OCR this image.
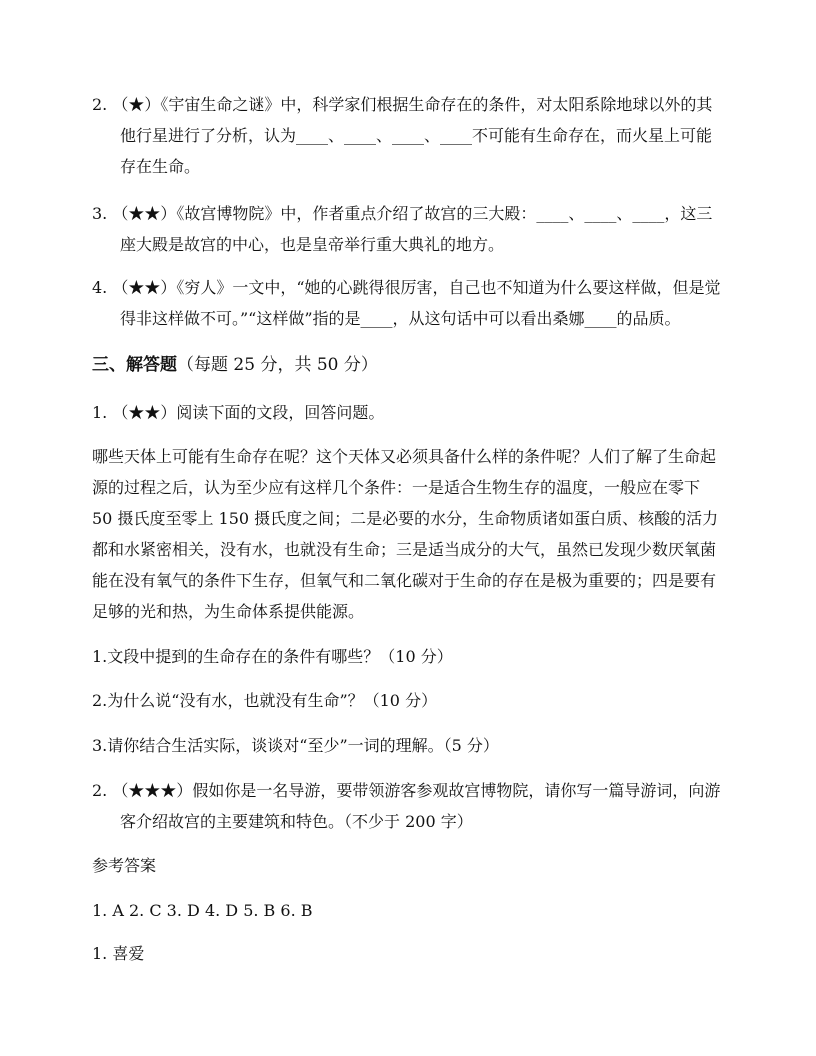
2. （★）《宇宙生命之谜》中，科学家们根据生命存在的条件，对太阳系除地球以外的其他行星进行了分析，认为____、____、____、____不可能有生命存在，而火星上可能存在生命。
3. （★★）《故宫博物院》中，作者重点介绍了故宫的三大殿：____、____、____，这三座大殿是故宫的中心，也是皇帝举行重大典礼的地方。
4. （★★）《穷人》一文中，“她的心跳得很厉害，自己也不知道为什么要这样做，但是觉得非这样做不可。”“这样做”指的是____，从这句话中可以看出桑娜____的品质。
三、解答题（每题 25 分，共 50 分）
1. （★★）阅读下面的文段，回答问题。
哪些天体上可能有生命存在呢？这个天体又必须具备什么样的条件呢？人们了解了生命起源的过程之后，认为至少应有这样几个条件：一是适合生物生存的温度，一般应在零下 50 摄氏度至零上 150 摄氏度之间；二是必要的水分，生命物质诸如蛋白质、核酸的活力都和水紧密相关，没有水，也就没有生命；三是适当成分的大气，虽然已发现少数厌氧菌能在没有氧气的条件下生存，但氧气和二氧化碳对于生命的存在是极为重要的；四是要有足够的光和热，为生命体系提供能源。
1.文段中提到的生命存在的条件有哪些？（10 分）
2.为什么说“没有水，也就没有生命”？（10 分）
3.请你结合生活实际，谈谈对“至少”一词的理解。（5 分）
2. （★★★）假如你是一名导游，要带领游客参观故宫博物院，请你写一篇导游词，向游客介绍故宫的主要建筑和特色。（不少于 200 字）
参考答案
1. A 2. C 3. D 4. D 5. B 6. B
1. 喜爱
